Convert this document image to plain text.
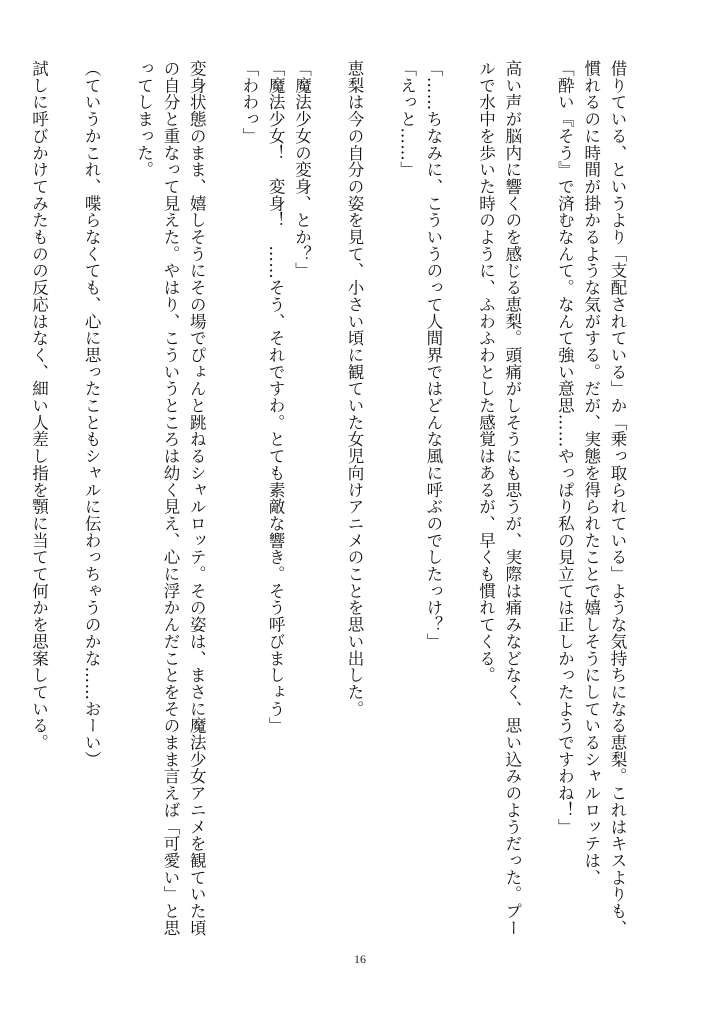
借りている、というより「支配されている」か「乗っ取られている」ような気持ちになる恵梨。これはキスよりも、慣れるのに時間が掛かるような気がする。だが、実態を得られたことで嬉しそうにしているシャルロッテは、

「酔い『そう』で済むなんて。なんて強い意思……やっぱり私の見立ては正しかったようですわね！」

高い声が脳内に響くのを感じる恵梨。頭痛がしそうにも思うが、実際は痛みなどなく、思い込みのようだった。プールで水中を歩いた時のように、ふわふわとした感覚はあるが、早くも慣れてくる。

「……ちなみに、こういうのって人間界ではどんな風に呼ぶのでしたっけ？」

「えっと……」

恵梨は今の自分の姿を見て、小さい頃に観ていた女児向けアニメのことを思い出した。

「魔法少女の変身、とか？」

「魔法少女！　変身！　……そう、それですわ。とても素敵な響き。そう呼びましょう」

「わわっ」

変身状態のまま、嬉しそうにその場でぴょんと跳ねるシャルロッテ。その姿は、まさに魔法少女アニメを観ていた頃の自分と重なって見えた。やはり、こういうところは幼く見え、心に浮かんだことをそのまま言えば「可愛い」と思ってしまった。

（ていうかこれ、喋らなくても、心に思ったこともシャルに伝わっちゃうのかな……おーい）

試しに呼びかけてみたものの反応はなく、細い人差し指を顎に当てて何かを思案している。

16
